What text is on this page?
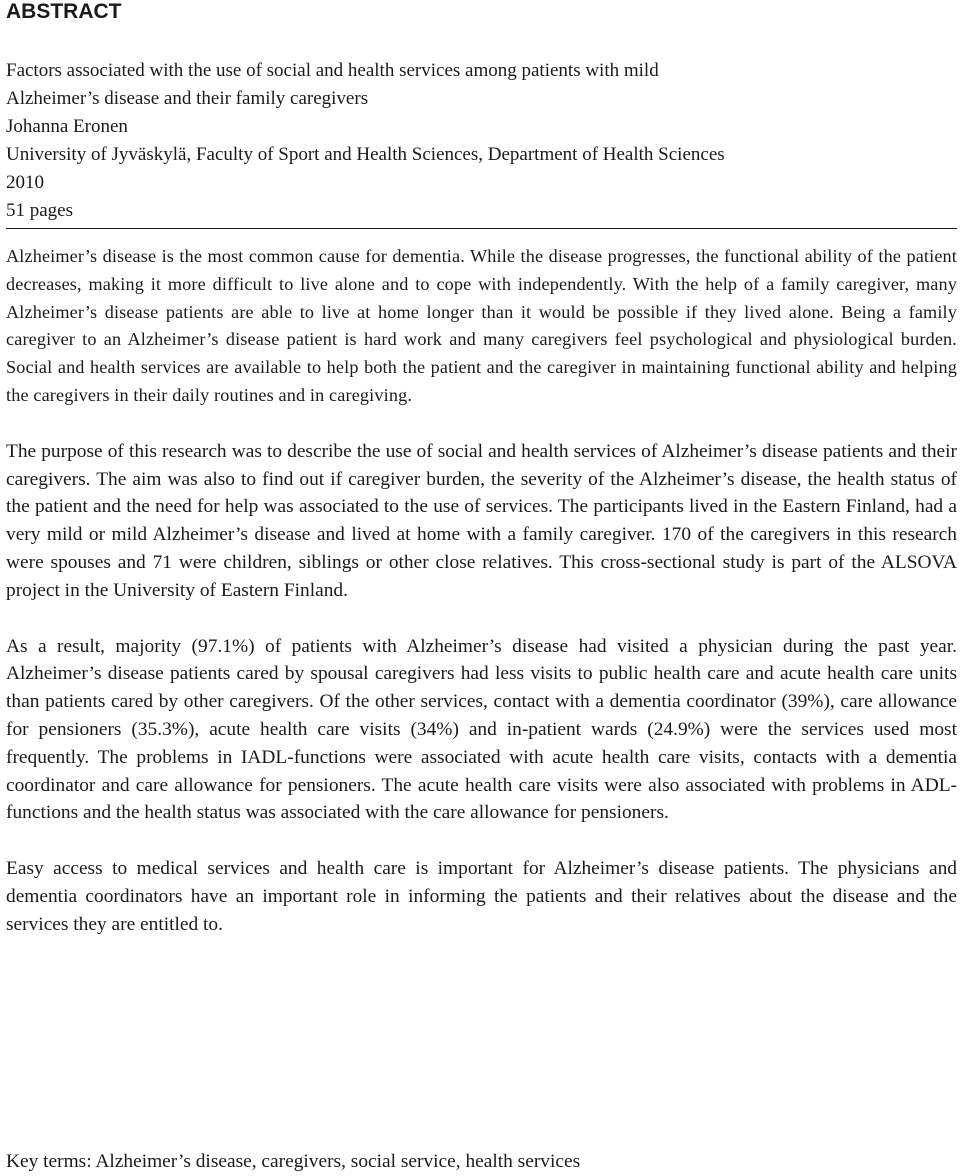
ABSTRACT
Factors associated with the use of social and health services among patients with mild
Alzheimer’s disease and their family caregivers
Johanna Eronen
University of Jyväskylä, Faculty of Sport and Health Sciences, Department of Health Sciences
2010
51 pages

Alzheimer’s disease is the most common cause for dementia. While the disease progresses, the functional ability of the patient decreases, making it more difficult to live alone and to cope with independently. With the help of a family caregiver, many Alzheimer’s disease patients are able to live at home longer than it would be possible if they lived alone. Being a family caregiver to an Alzheimer’s disease patient is hard work and many caregivers feel psychological and physiological burden. Social and health services are available to help both the patient and the caregiver in maintaining functional ability and helping the caregivers in their daily routines and in caregiving.

The purpose of this research was to describe the use of social and health services of Alzheimer’s disease patients and their caregivers. The aim was also to find out if caregiver burden, the severity of the Alzheimer’s disease, the health status of the patient and the need for help was associated to the use of services. The participants lived in the Eastern Finland, had a very mild or mild Alzheimer’s disease and lived at home with a family caregiver. 170 of the caregivers in this research were spouses and 71 were children, siblings or other close relatives. This cross-sectional study is part of the ALSOVA project in the University of Eastern Finland.

As a result, majority (97.1%) of patients with Alzheimer’s disease had visited a physician during the past year. Alzheimer’s disease patients cared by spousal caregivers had less visits to public health care and acute health care units than patients cared by other caregivers. Of the other services, contact with a dementia coordinator (39%), care allowance for pensioners (35.3%), acute health care visits (34%) and in-patient wards (24.9%) were the services used most frequently. The problems in IADL-functions were associated with acute health care visits, contacts with a dementia coordinator and care allowance for pensioners. The acute health care visits were also associated with problems in ADL-functions and the health status was associated with the care allowance for pensioners.

Easy access to medical services and health care is important for Alzheimer’s disease patients. The physicians and dementia coordinators have an important role in informing the patients and their relatives about the disease and the services they are entitled to.

Key terms: Alzheimer’s disease, caregivers, social service, health services
